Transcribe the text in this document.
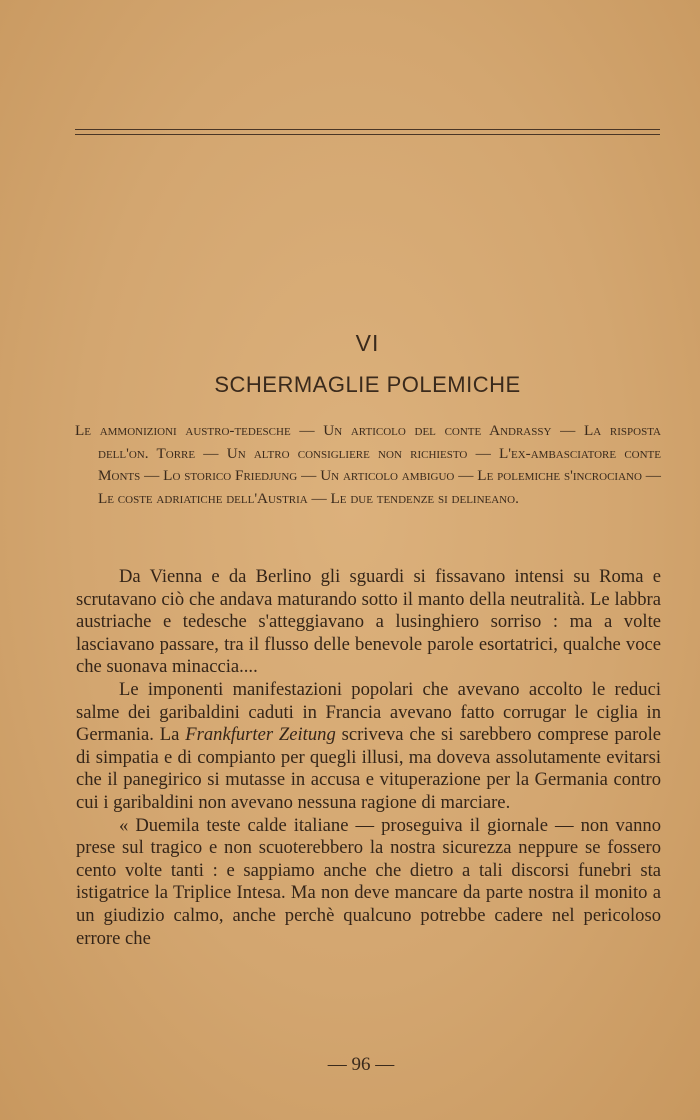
VI
SCHERMAGLIE POLEMICHE

Le ammonizioni austro-tedesche — Un articolo del conte Andrassy — La risposta dell'on. Torre — Un altro consigliere non richiesto — L'ex-ambasciatore conte Monts — Lo storico Friedjung — Un articolo ambiguo — Le polemiche s'incrociano — Le coste adriatiche dell'Austria — Le due tendenze si delineano.

Da Vienna e da Berlino gli sguardi si fissavano intensi su Roma e scrutavano ciò che andava maturando sotto il manto della neutralità. Le labbra austriache e tedesche s'atteggiavano a lusinghiero sorriso : ma a volte lasciavano passare, tra il flusso delle benevole parole esortatrici, qualche voce che suonava minaccia....

Le imponenti manifestazioni popolari che avevano accolto le reduci salme dei garibaldini caduti in Francia avevano fatto corrugar le ciglia in Germania. La Frankfurter Zeitung scriveva che si sarebbero comprese parole di simpatia e di compianto per quegli illusi, ma doveva assolutamente evitarsi che il panegirico si mutasse in accusa e vituperazione per la Germania contro cui i garibaldini non avevano nessuna ragione di marciare.

« Duemila teste calde italiane — proseguiva il giornale — non vanno prese sul tragico e non scuoterebbero la nostra sicurezza neppure se fossero cento volte tanti : e sappiamo anche che dietro a tali discorsi funebri sta istigatrice la Triplice Intesa. Ma non deve mancare da parte nostra il monito a un giudizio calmo, anche perchè qualcuno potrebbe cadere nel pericoloso errore che

— 96 —
